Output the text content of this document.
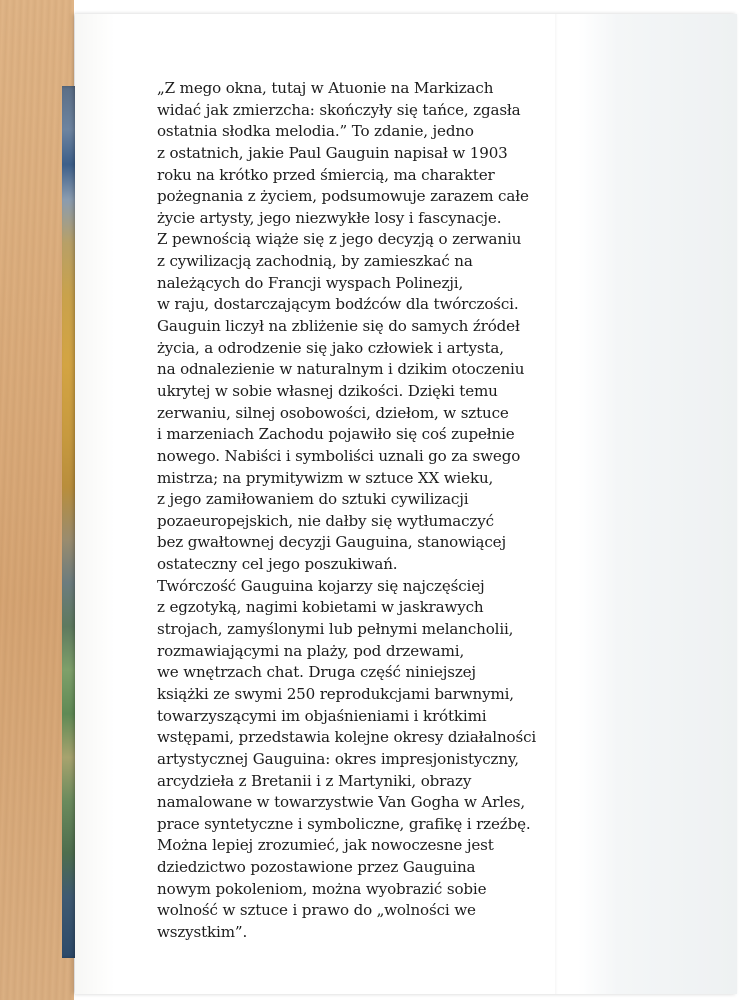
„Z mego okna, tutaj w Atuonie na Markizach
widać jak zmierzcha: skończyły się tańce, zgasła
ostatnia słodka melodia.” To zdanie, jedno
z ostatnich, jakie Paul Gauguin napisał w 1903
roku na krótko przed śmiercią, ma charakter
pożegnania z życiem, podsumowuje zarazem całe
życie artysty, jego niezwykłe losy i fascynacje.
Z pewnością wiąże się z jego decyzją o zerwaniu
z cywilizacją zachodnią, by zamieszkać na
należących do Francji wyspach Polinezji,
w raju, dostarczającym bodźców dla twórczości.
Gauguin liczył na zbliżenie się do samych źródeł
życia, a odrodzenie się jako człowiek i artysta,
na odnalezienie w naturalnym i dzikim otoczeniu
ukrytej w sobie własnej dzikości. Dzięki temu
zerwaniu, silnej osobowości, dziełom, w sztuce
i marzeniach Zachodu pojawiło się coś zupełnie
nowego. Nabiści i symboliści uznali go za swego
mistrza; na prymitywizm w sztuce XX wieku,
z jego zamiłowaniem do sztuki cywilizacji
pozaeuropejskich, nie dałby się wytłumaczyć
bez gwałtownej decyzji Gauguina, stanowiącej
ostateczny cel jego poszukiwań.
Twórczość Gauguina kojarzy się najczęściej
z egzotyką, nagimi kobietami w jaskrawych
strojach, zamyślonymi lub pełnymi melancholii,
rozmawiającymi na plaży, pod drzewami,
we wnętrzach chat. Druga część niniejszej
książki ze swymi 250 reprodukcjami barwnymi,
towarzyszącymi im objaśnieniami i krótkimi
wstępami, przedstawia kolejne okresy działalności
artystycznej Gauguina: okres impresjonistyczny,
arcydzieła z Bretanii i z Martyniki, obrazy
namalowane w towarzystwie Van Gogha w Arles,
prace syntetyczne i symboliczne, grafikę i rzeźbę.
Można lepiej zrozumieć, jak nowoczesne jest
dziedzictwo pozostawione przez Gauguina
nowym pokoleniom, można wyobrazić sobie
wolność w sztuce i prawo do „wolności we
wszystkim”.
